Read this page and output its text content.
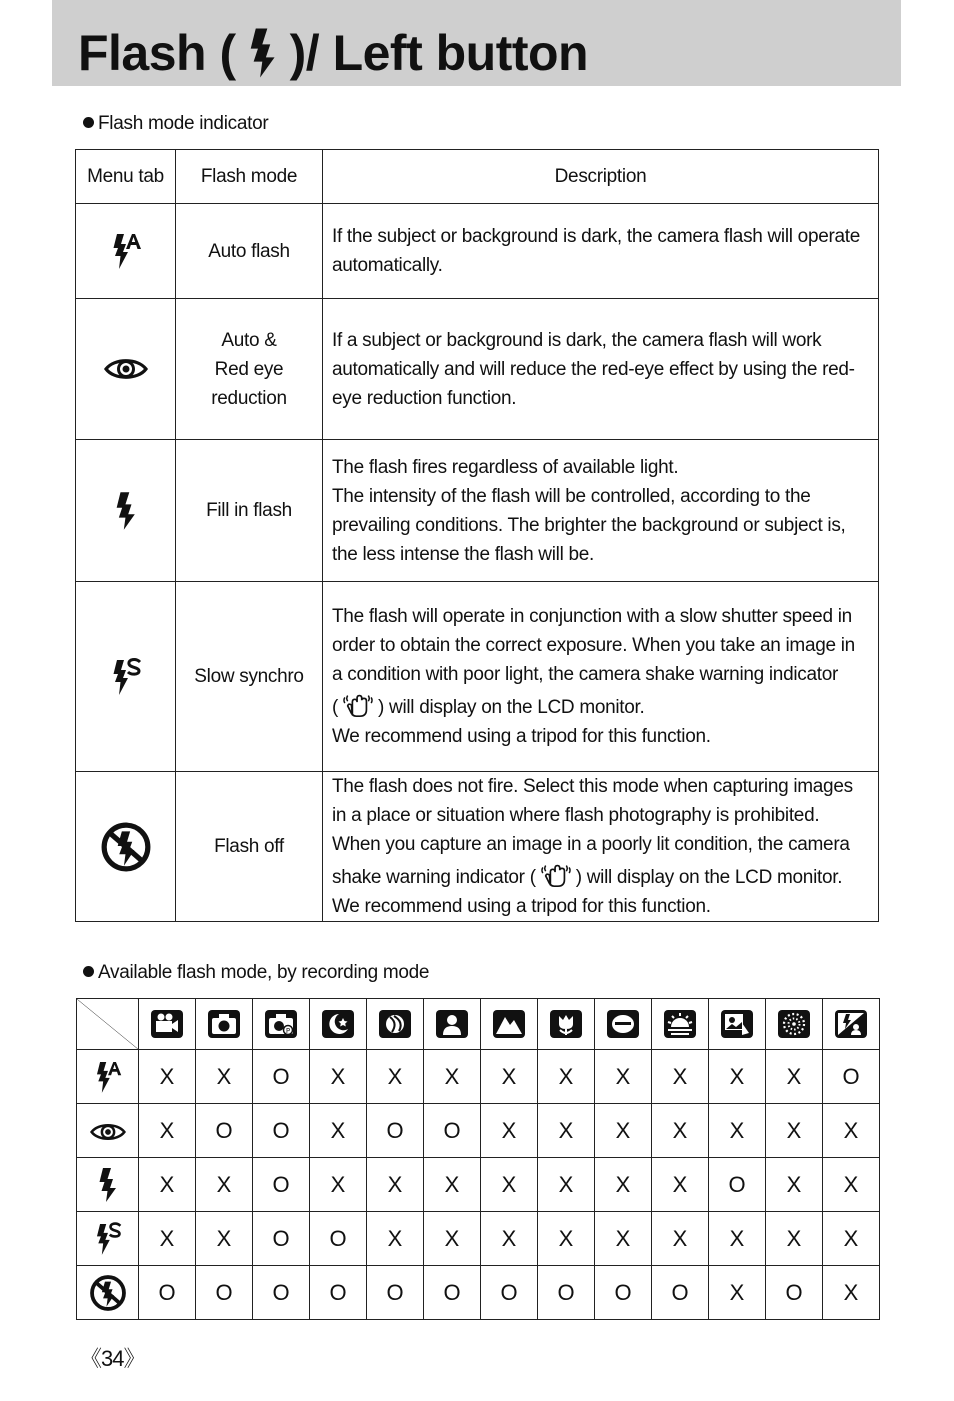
Flash ( )/ Left button
Flash mode indicator
Menu tab	Flash mode	Description
	Auto flash	If the subject or background is dark, the camera flash will operate
automatically.
	Auto &
Red eye
reduction	If a subject or background is dark, the camera flash will work
automatically and will reduce the red-eye effect by using the red-
eye reduction function.
	Fill in flash	The flash fires regardless of available light.
The intensity of the flash will be controlled, according to the
prevailing conditions. The brighter the background or subject is,
the less intense the flash will be.
	Slow synchro	The flash will operate in conjunction with a slow shutter speed in
order to obtain the correct exposure. When you take an image in
a condition with poor light, the camera shake warning indicator
( ) will display on the LCD monitor.
We recommend using a tripod for this function.
	Flash off	The flash does not fire. Select this mode when capturing images
in a place or situation where flash photography is prohibited.
When you capture an image in a poorly lit condition, the camera
shake warning indicator ( ) will display on the LCD monitor.
We recommend using a tripod for this function.
Available flash mode, by recording mode

	X	X	O	X	X	X	X	X	X	X	X	X	O
	X	O	O	X	O	O	X	X	X	X	X	X	X
	X	X	O	X	X	X	X	X	X	X	O	X	X
	X	X	O	O	X	X	X	X	X	X	X	X	X
	O	O	O	O	O	O	O	O	O	O	X	O	X
《34》
